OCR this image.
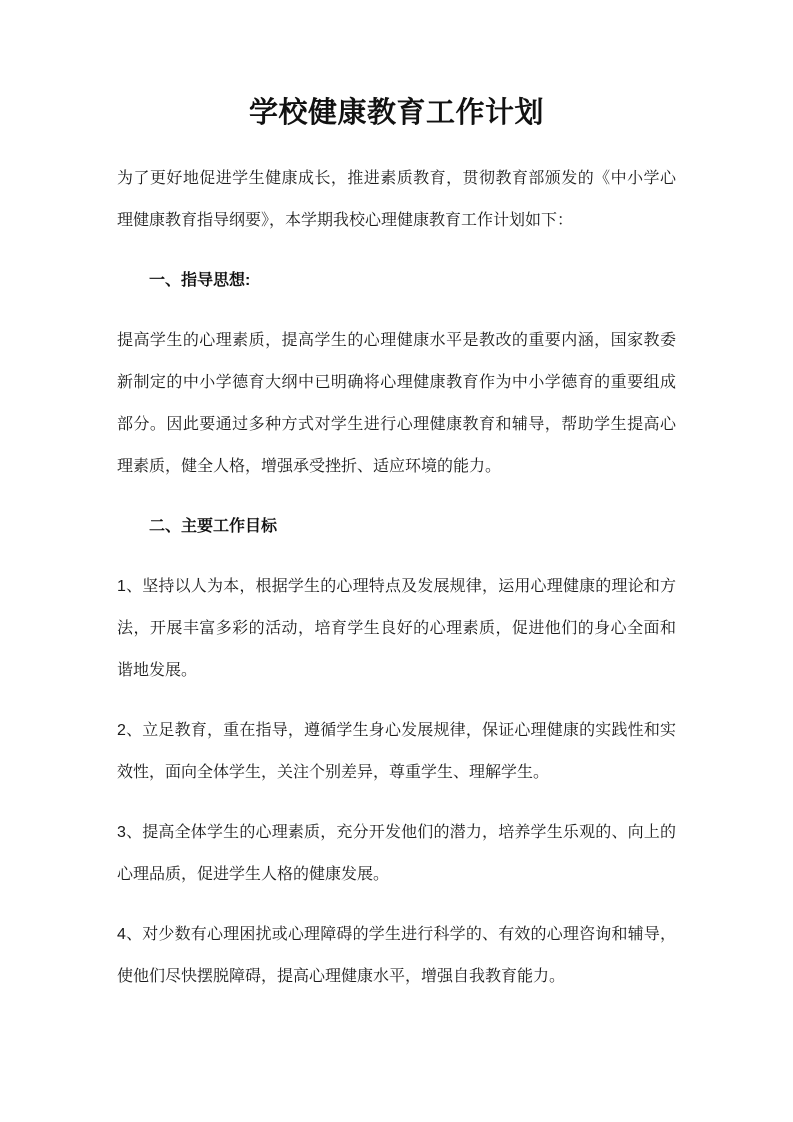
学校健康教育工作计划

为了更好地促进学生健康成长，推进素质教育，贯彻教育部颁发的《中小学心理健康教育指导纲要》，本学期我校心理健康教育工作计划如下：

一、指导思想:

提高学生的心理素质，提高学生的心理健康水平是教改的重要内涵，国家教委新制定的中小学德育大纲中已明确将心理健康教育作为中小学德育的重要组成部分。因此要通过多种方式对学生进行心理健康教育和辅导，帮助学生提高心理素质，健全人格，增强承受挫折、适应环境的能力。

二、主要工作目标

1、坚持以人为本，根据学生的心理特点及发展规律，运用心理健康的理论和方法，开展丰富多彩的活动，培育学生良好的心理素质，促进他们的身心全面和谐地发展。

2、立足教育，重在指导，遵循学生身心发展规律，保证心理健康的实践性和实效性，面向全体学生，关注个别差异，尊重学生、理解学生。

3、提高全体学生的心理素质，充分开发他们的潜力，培养学生乐观的、向上的心理品质，促进学生人格的健康发展。

4、对少数有心理困扰或心理障碍的学生进行科学的、有效的心理咨询和辅导，使他们尽快摆脱障碍，提高心理健康水平，增强自我教育能力。
